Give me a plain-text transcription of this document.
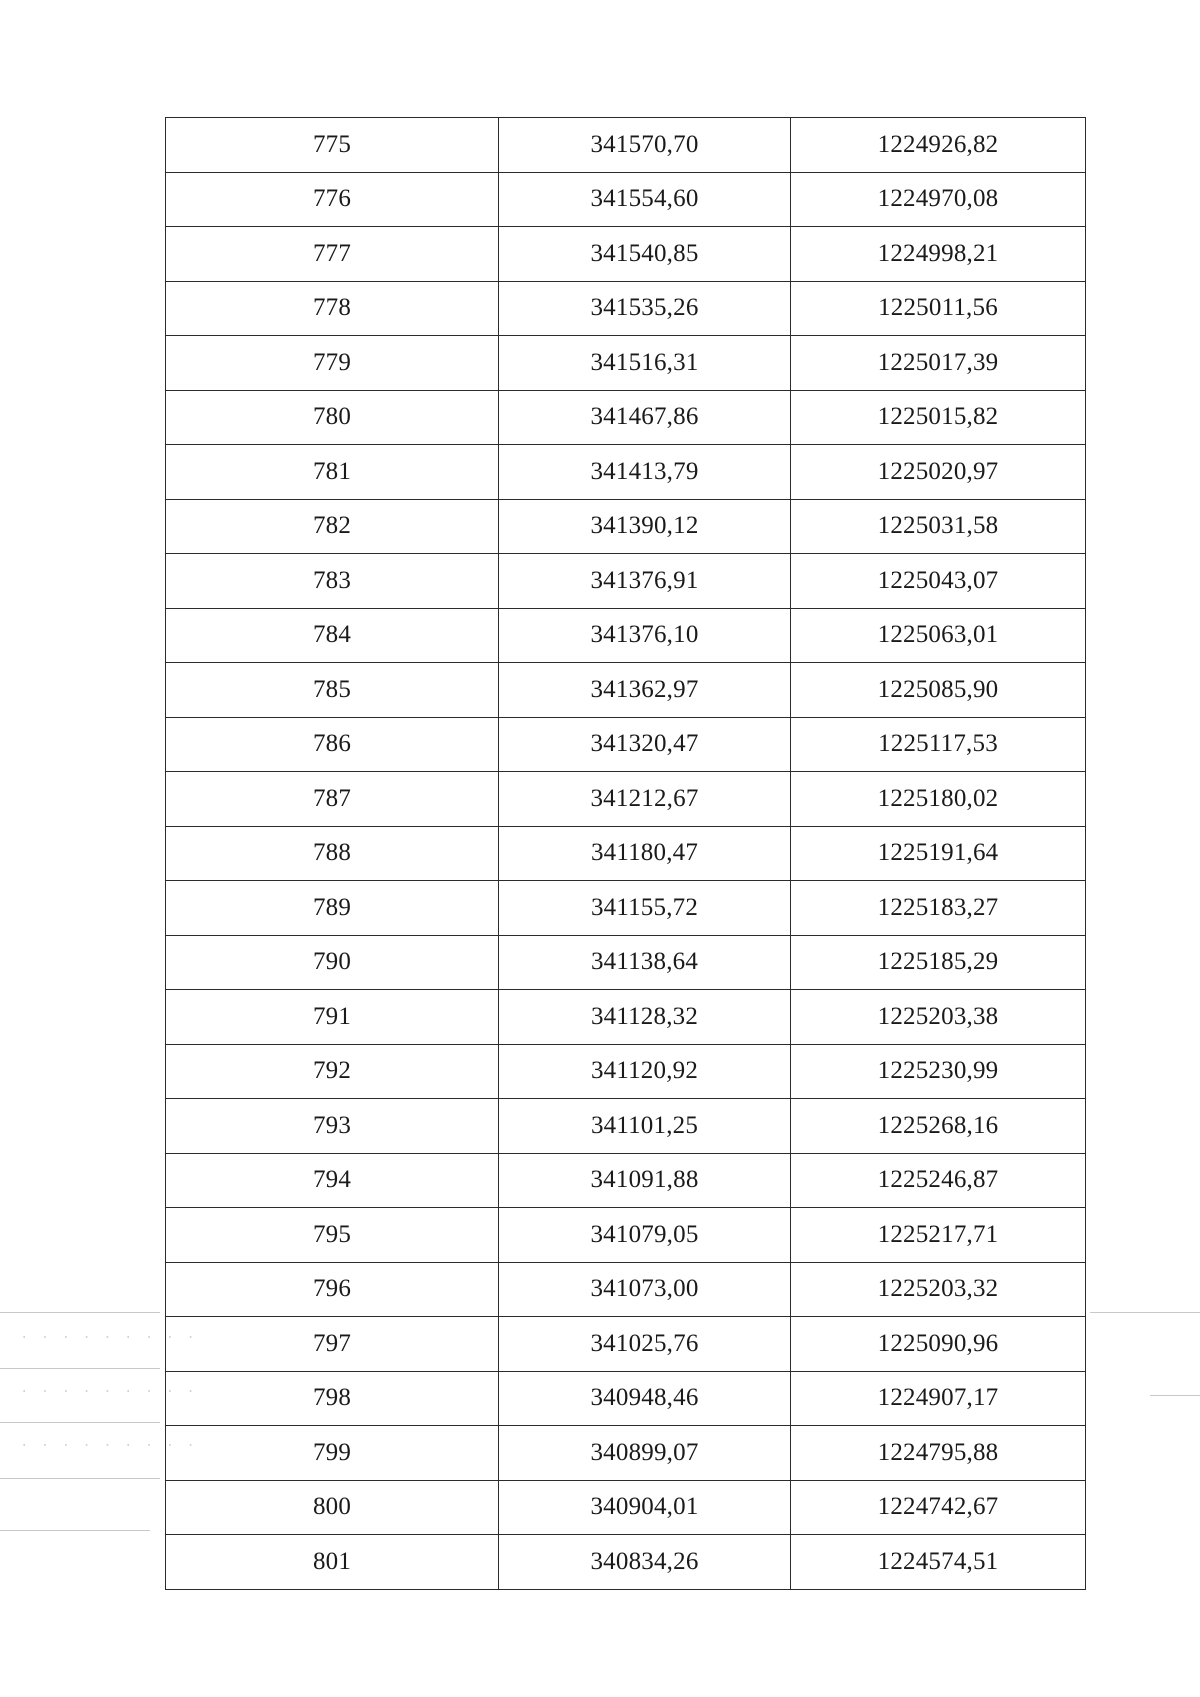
· · · · · · · · ·
· · · · · · · · ·
· · · · · · · · ·
775	341570,70	1224926,82
776	341554,60	1224970,08
777	341540,85	1224998,21
778	341535,26	1225011,56
779	341516,31	1225017,39
780	341467,86	1225015,82
781	341413,79	1225020,97
782	341390,12	1225031,58
783	341376,91	1225043,07
784	341376,10	1225063,01
785	341362,97	1225085,90
786	341320,47	1225117,53
787	341212,67	1225180,02
788	341180,47	1225191,64
789	341155,72	1225183,27
790	341138,64	1225185,29
791	341128,32	1225203,38
792	341120,92	1225230,99
793	341101,25	1225268,16
794	341091,88	1225246,87
795	341079,05	1225217,71
796	341073,00	1225203,32
797	341025,76	1225090,96
798	340948,46	1224907,17
799	340899,07	1224795,88
800	340904,01	1224742,67
801	340834,26	1224574,51
